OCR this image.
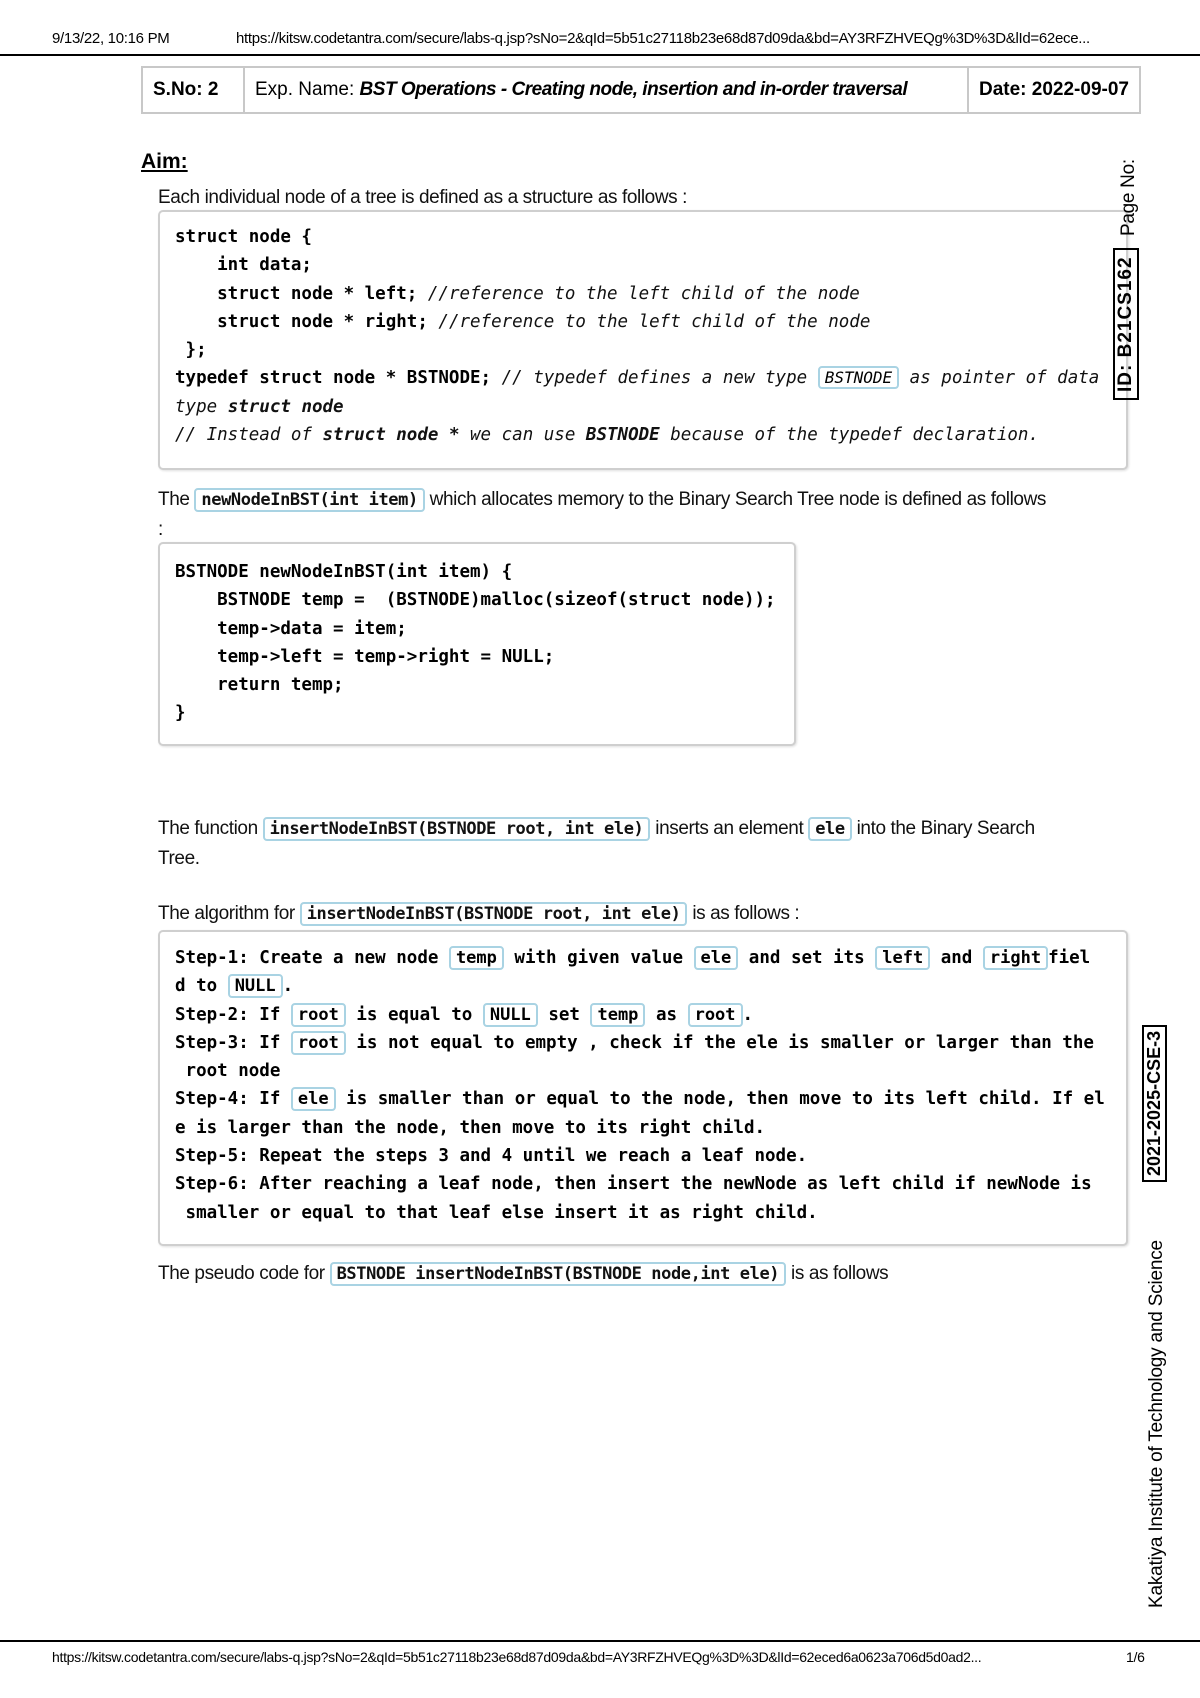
9/13/22, 10:16 PM	https://kitsw.codetantra.com/secure/labs-q.jsp?sNo=2&qId=5b51c27118b23e68d87d09da&bd=AY3RFZHVEQg%3D%3D&lId=62ece...
S.No: 2	Exp. Name: BST Operations - Creating node, insertion and in-order traversal	Date: 2022-09-07
Aim:
Each individual node of a tree is defined as a structure as follows :
struct node {
int data;
struct node * left; //reference to the left child of the node
struct node * right; //reference to the left child of the node
};
typedef struct node * BSTNODE; // typedef defines a new type BSTNODE as pointer of data
type struct node
// Instead of struct node * we can use BSTNODE because of the typedef declaration.
The newNodeInBST(int item) which allocates memory to the Binary Search Tree node is defined as follows
:
BSTNODE newNodeInBST(int item) {
BSTNODE temp =  (BSTNODE)malloc(sizeof(struct node));
temp->data = item;
temp->left = temp->right = NULL;
return temp;
}
The function insertNodeInBST(BSTNODE root, int ele) inserts an element ele into the Binary Search
Tree.
The algorithm for insertNodeInBST(BSTNODE root, int ele) is as follows :
Step-1: Create a new node temp with given value ele and set its left and right fiel
d to NULL .
Step-2: If root is equal to NULL set temp as root .
Step-3: If root is not equal to empty , check if the ele is smaller or larger than the
root node
Step-4: If ele is smaller than or equal to the node, then move to its left child. If el
e is larger than the node, then move to its right child.
Step-5: Repeat the steps 3 and 4 until we reach a leaf node.
Step-6: After reaching a leaf node, then insert the newNode as left child if newNode is
smaller or equal to that leaf else insert it as right child.
The pseudo code for BSTNODE insertNodeInBST(BSTNODE node,int ele) is as follows
Page No:
ID: B21CS162
2021-2025-CSE-3
Kakatiya Institute of Technology and Science
https://kitsw.codetantra.com/secure/labs-q.jsp?sNo=2&qId=5b51c27118b23e68d87d09da&bd=AY3RFZHVEQg%3D%3D&lId=62eced6a0623a706d5d0ad2...	1/6
